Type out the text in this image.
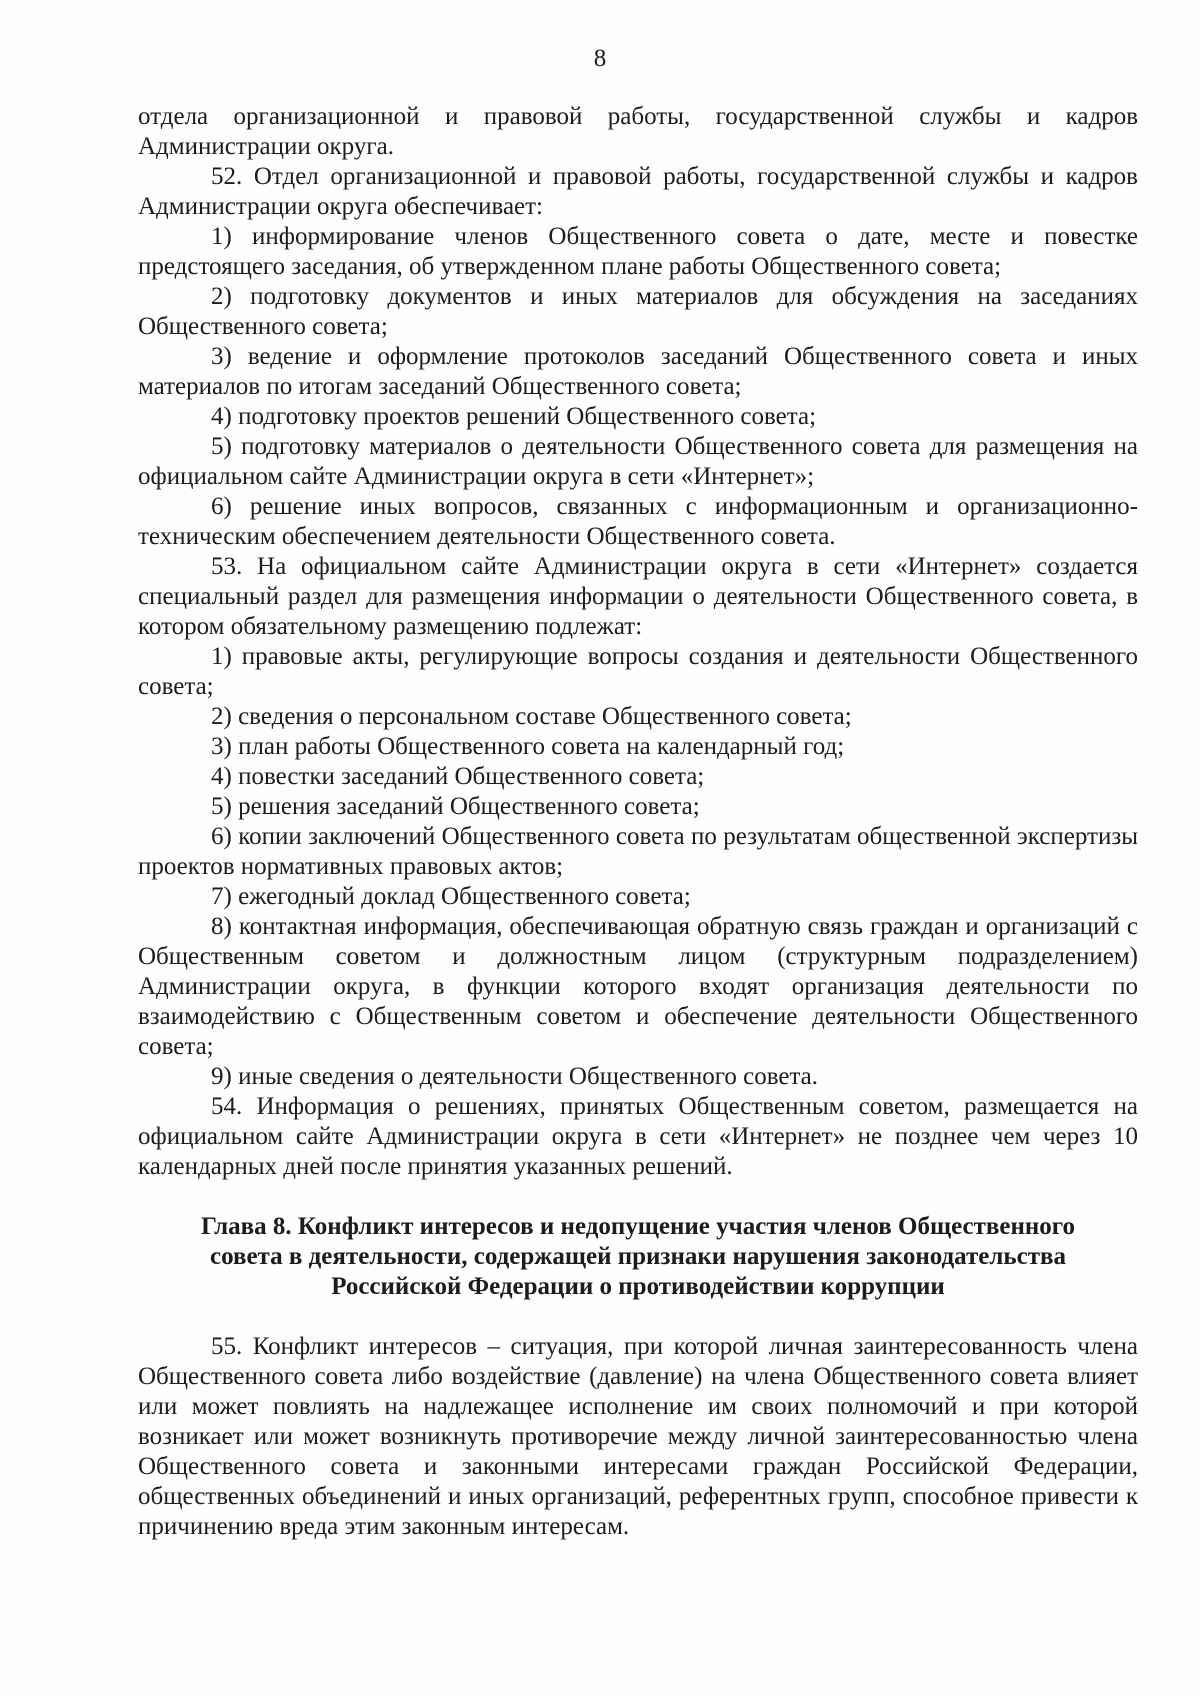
8

отдела организационной и правовой работы, государственной службы и кадров Администрации округа.

52. Отдел организационной и правовой работы, государственной службы и кадров Администрации округа обеспечивает:

1) информирование членов Общественного совета о дате, месте и повестке предстоящего заседания, об утвержденном плане работы Общественного совета;

2) подготовку документов и иных материалов для обсуждения на заседаниях Общественного совета;

3) ведение и оформление протоколов заседаний Общественного совета и иных материалов по итогам заседаний Общественного совета;

4) подготовку проектов решений Общественного совета;

5) подготовку материалов о деятельности Общественного совета для размещения на официальном сайте Администрации округа в сети «Интернет»;

6) решение иных вопросов, связанных с информационным и организационно-техническим обеспечением деятельности Общественного совета.

53. На официальном сайте Администрации округа в сети «Интернет» создается специальный раздел для размещения информации о деятельности Общественного совета, в котором обязательному размещению подлежат:

1) правовые акты, регулирующие вопросы создания и деятельности Общественного совета;

2) сведения о персональном составе Общественного совета;

3) план работы Общественного совета на календарный год;

4) повестки заседаний Общественного совета;

5) решения заседаний Общественного совета;

6) копии заключений Общественного совета по результатам общественной экспертизы проектов нормативных правовых актов;

7) ежегодный доклад Общественного совета;

8) контактная информация, обеспечивающая обратную связь граждан и организаций с Общественным советом и должностным лицом (структурным подразделением) Администрации округа, в функции которого входят организация деятельности по взаимодействию с Общественным советом и обеспечение деятельности Общественного совета;

9) иные сведения о деятельности Общественного совета.

54. Информация о решениях, принятых Общественным советом, размещается на официальном сайте Администрации округа в сети «Интернет» не позднее чем через 10 календарных дней после принятия указанных решений.

Глава 8. Конфликт интересов и недопущение участия членов Общественного
совета в деятельности, содержащей признаки нарушения законодательства
Российской Федерации о противодействии коррупции

55. Конфликт интересов – ситуация, при которой личная заинтересованность члена Общественного совета либо воздействие (давление) на члена Общественного совета влияет или может повлиять на надлежащее исполнение им своих полномочий и при которой возникает или может возникнуть противоречие между личной заинтересованностью члена Общественного совета и законными интересами граждан Российской Федерации, общественных объединений и иных организаций, референтных групп, способное привести к причинению вреда этим законным интересам.
